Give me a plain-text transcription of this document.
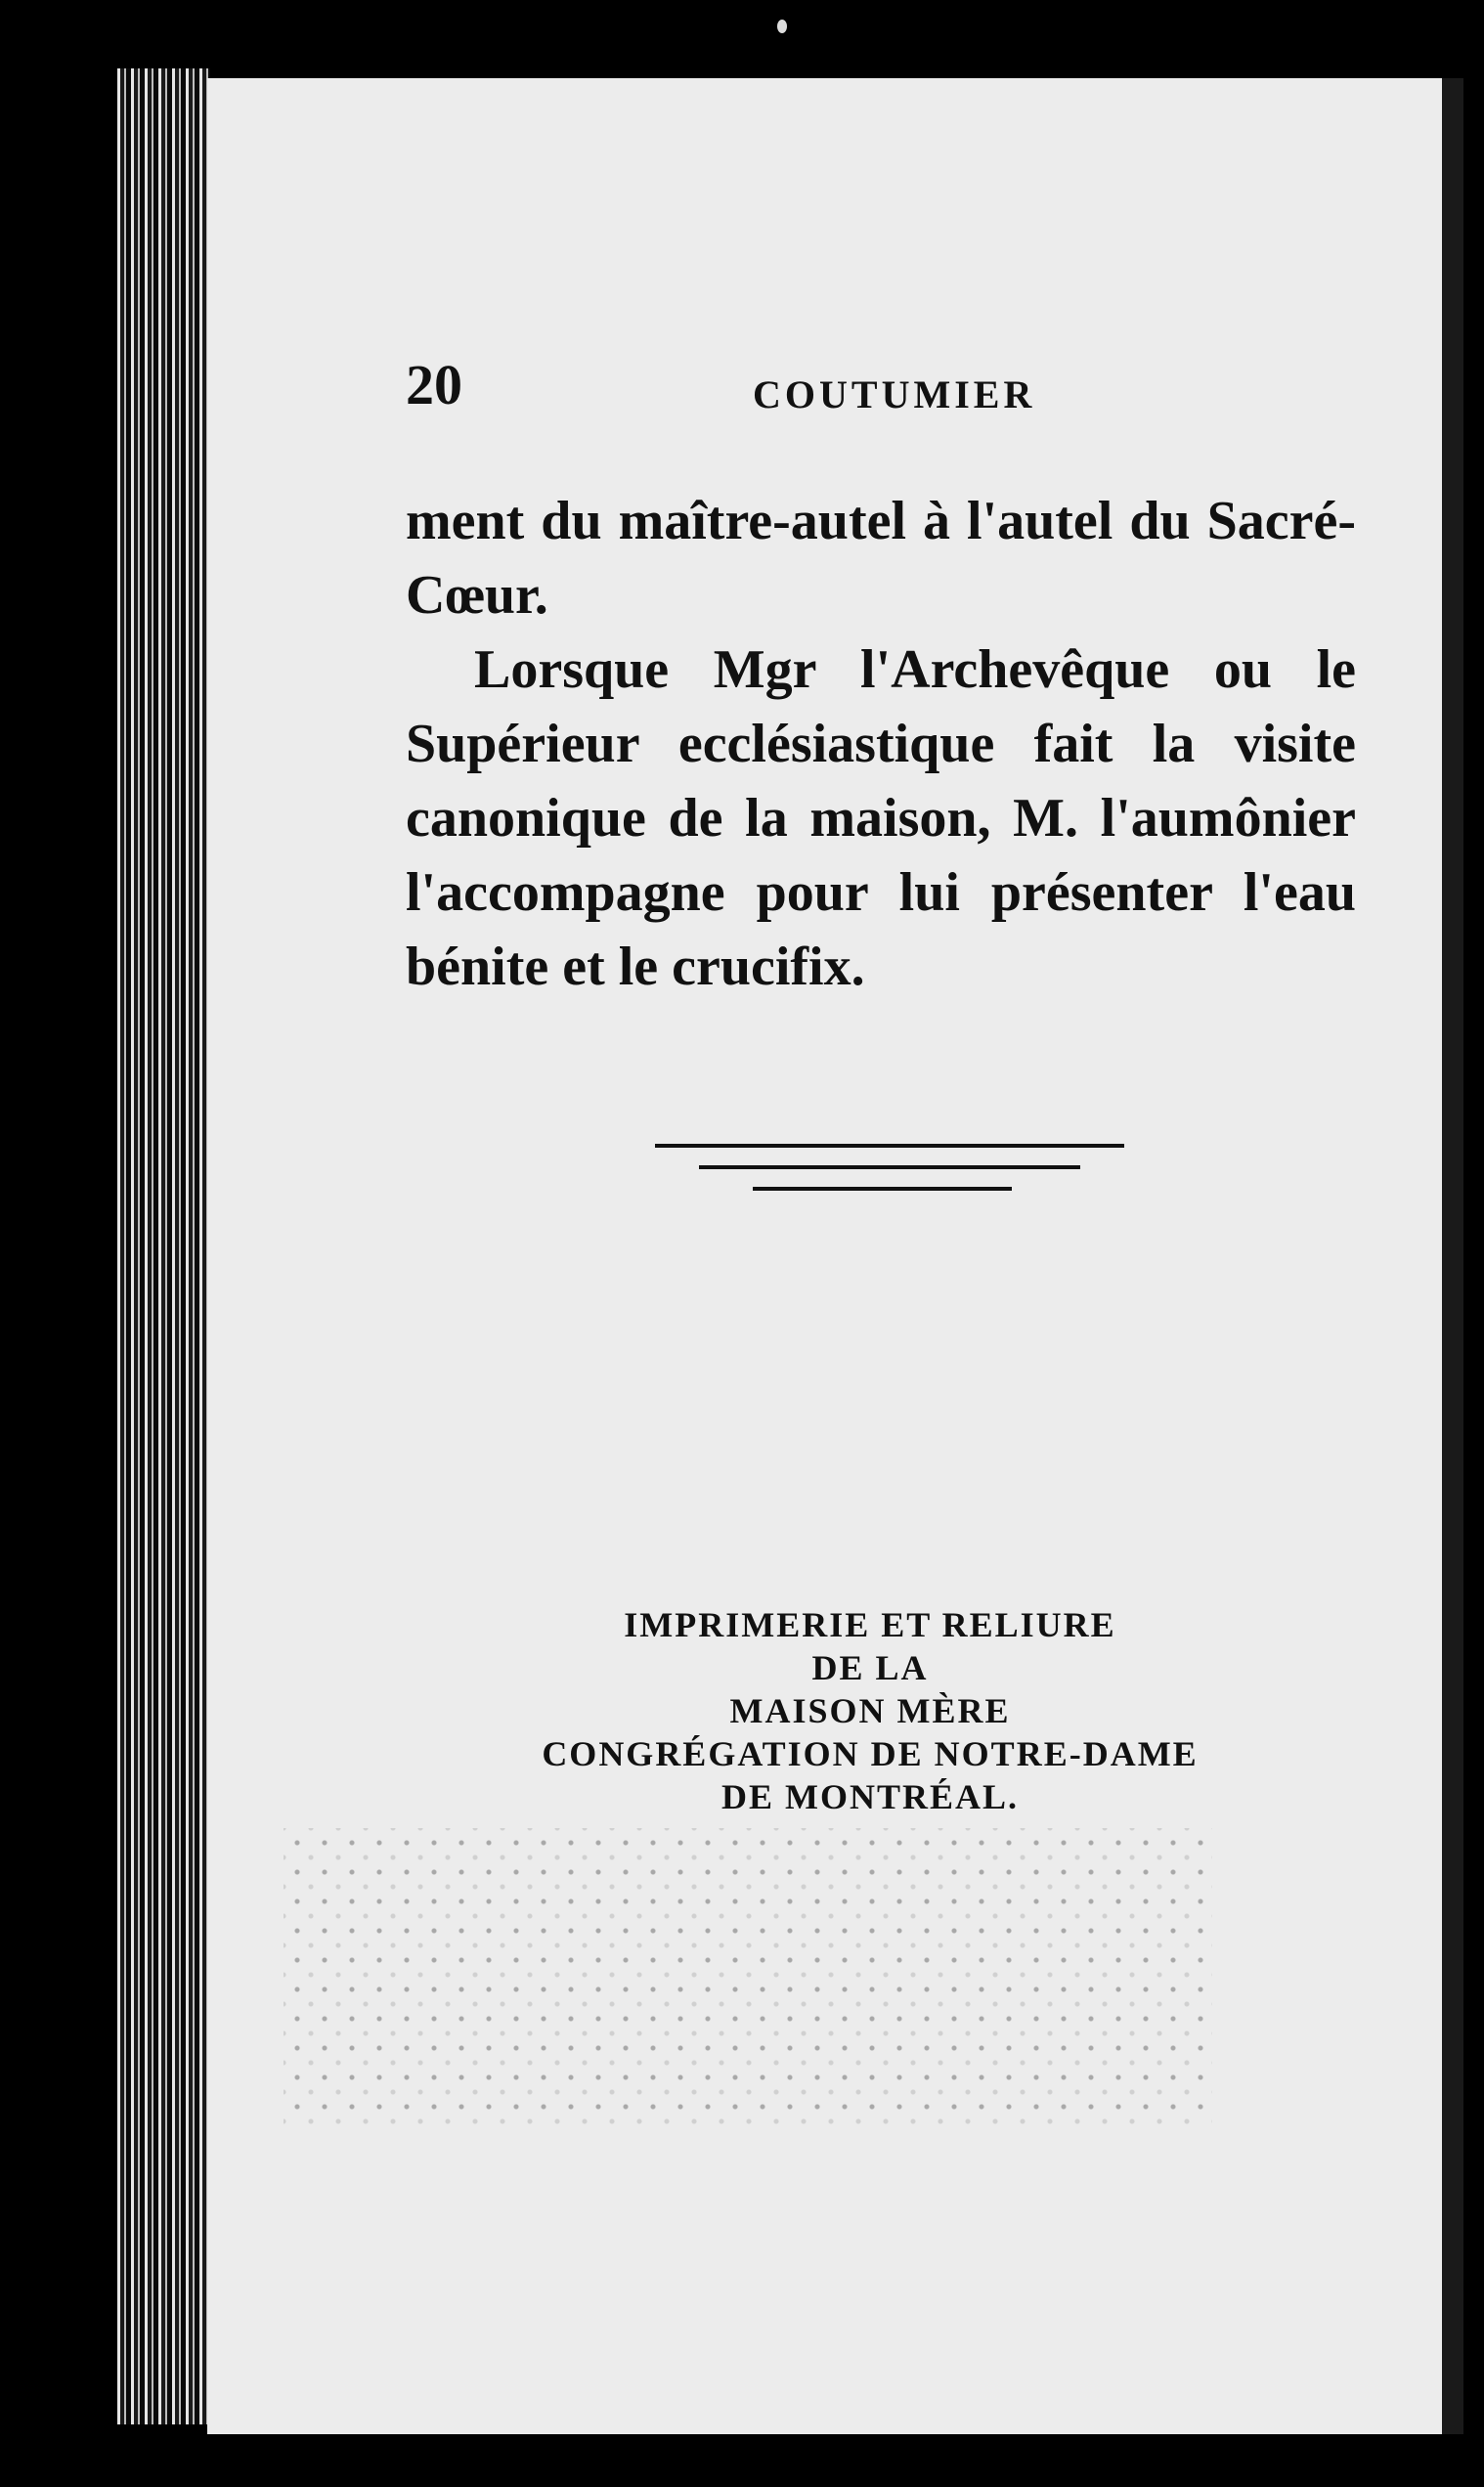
20	COUTUMIER

ment du maître-autel à l'autel du Sacré-Cœur.

Lorsque Mgr l'Archevêque ou le Supérieur ecclésiastique fait la visite canonique de la maison, M. l'aumônier l'accompagne pour lui présenter l'eau bénite et le crucifix.

IMPRIMERIE ET RELIURE
DE LA
MAISON MÈRE
CONGRÉGATION DE NOTRE-DAME
DE MONTRÉAL.
